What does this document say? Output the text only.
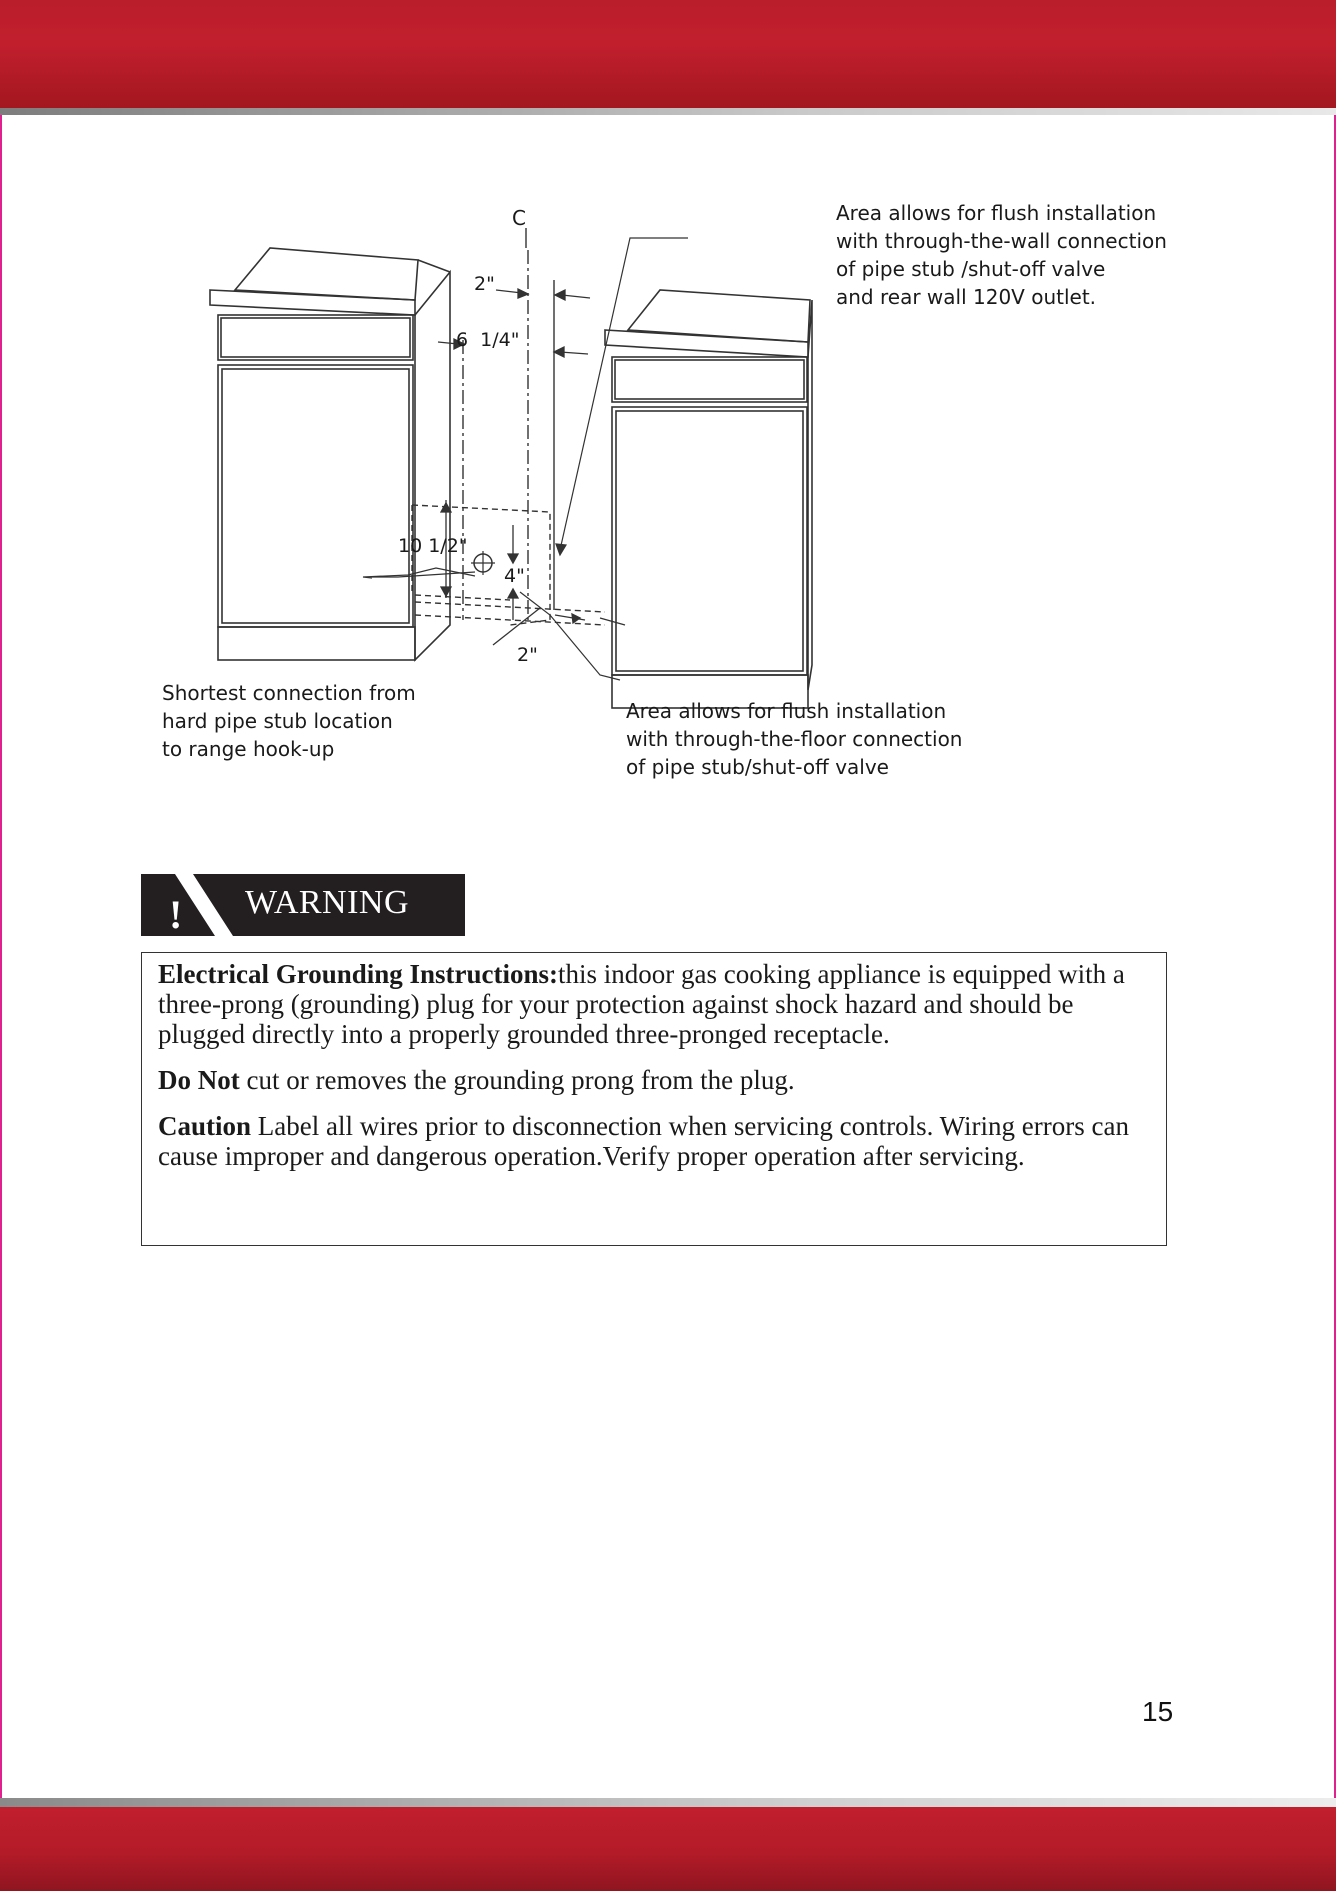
C
2"
6  1/4"
10 1/2"
4"
2"
Area allows for flush installation
with through-the-wall connection
of pipe stub /shut-off valve
and rear wall 120V outlet.
Shortest connection from
hard pipe stub location
to range hook-up
Area allows for flush installation
with through-the-floor connection
of pipe stub/shut-off valve
! WARNING

Electrical Grounding Instructions:this indoor gas cooking appliance is equipped with a three-prong (grounding) plug for your protection against shock hazard and should be plugged directly into a properly grounded three-pronged receptacle.

Do Not cut or removes the grounding prong from the plug.

Caution Label all wires prior to disconnection when servicing controls. Wiring errors can cause improper and dangerous operation.Verify proper operation after servicing.

15
